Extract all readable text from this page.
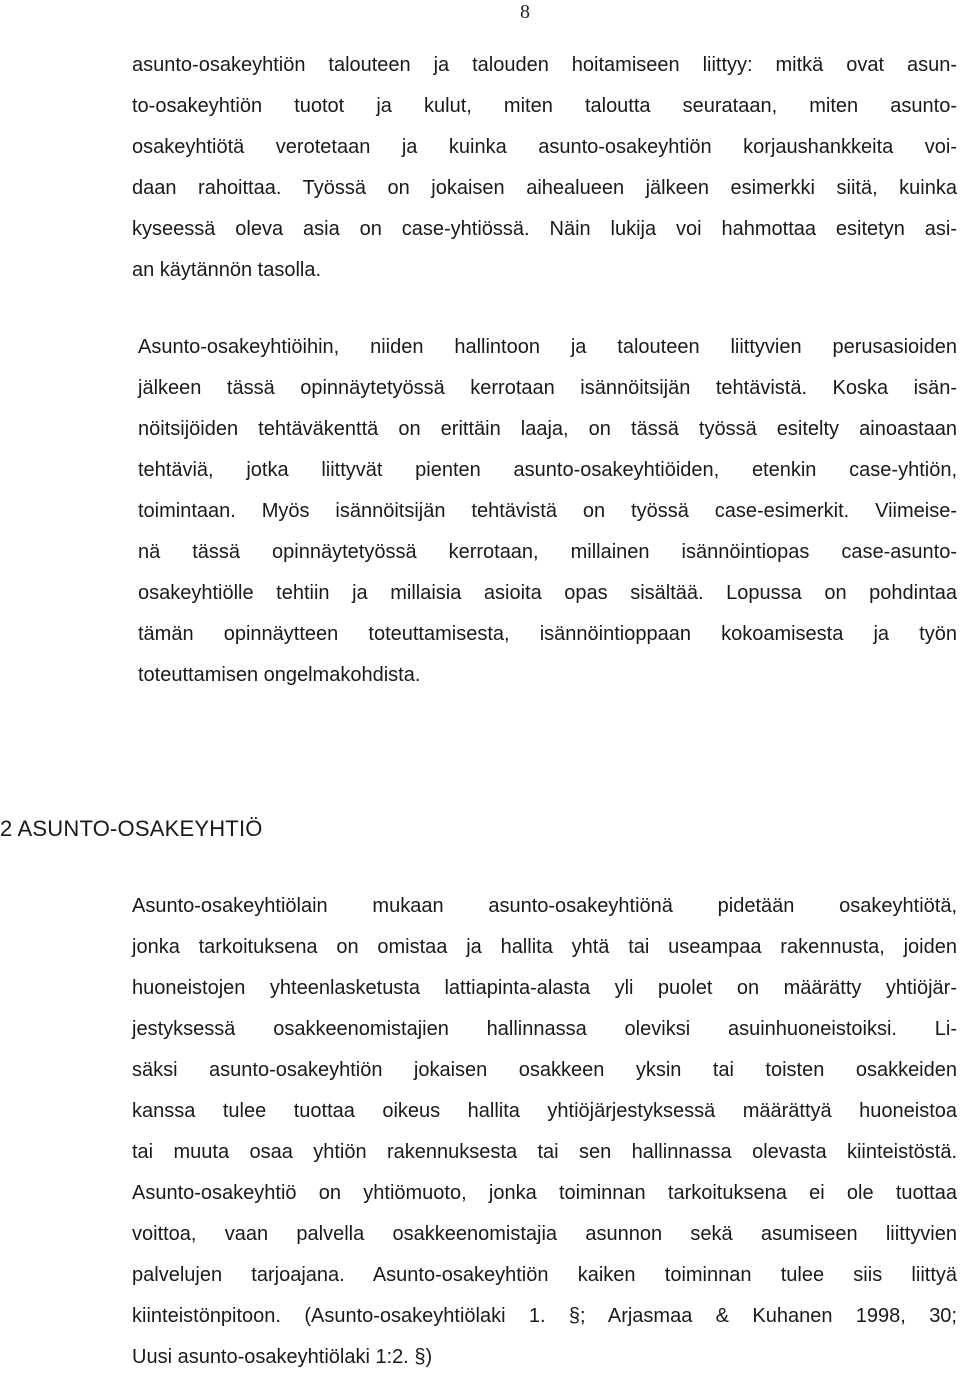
8

asunto-osakeyhtiön talouteen ja talouden hoitamiseen liittyy: mitkä ovat asun-
to-osakeyhtiön tuotot ja kulut, miten taloutta seurataan, miten asunto-
osakeyhtiötä verotetaan ja kuinka asunto-osakeyhtiön korjaushankkeita voi-
daan rahoittaa. Työssä on jokaisen aihealueen jälkeen esimerkki siitä, kuinka
kyseessä oleva asia on case-yhtiössä. Näin lukija voi hahmottaa esitetyn asi-
an käytännön tasolla.

Asunto-osakeyhtiöihin, niiden hallintoon ja talouteen liittyvien perusasioiden
jälkeen tässä opinnäytetyössä kerrotaan isännöitsijän tehtävistä. Koska isän-
nöitsijöiden tehtäväkenttä on erittäin laaja, on tässä työssä esitelty ainoastaan
tehtäviä, jotka liittyvät pienten asunto-osakeyhtiöiden, etenkin case-yhtiön,
toimintaan. Myös isännöitsijän tehtävistä on työssä case-esimerkit. Viimeise-
nä tässä opinnäytetyössä kerrotaan, millainen isännöintiopas case-asunto-
osakeyhtiölle tehtiin ja millaisia asioita opas sisältää. Lopussa on pohdintaa
tämän opinnäytteen toteuttamisesta, isännöintioppaan kokoamisesta ja työn
toteuttamisen ongelmakohdista.

2 ASUNTO-OSAKEYHTIÖ

Asunto-osakeyhtiölain mukaan asunto-osakeyhtiönä pidetään osakeyhtiötä,
jonka tarkoituksena on omistaa ja hallita yhtä tai useampaa rakennusta, joiden
huoneistojen yhteenlasketusta lattiapinta-alasta yli puolet on määrätty yhtiöjär-
jestyksessä osakkeenomistajien hallinnassa oleviksi asuinhuoneistoiksi. Li-
säksi asunto-osakeyhtiön jokaisen osakkeen yksin tai toisten osakkeiden
kanssa tulee tuottaa oikeus hallita yhtiöjärjestyksessä määrättyä huoneistoa
tai muuta osaa yhtiön rakennuksesta tai sen hallinnassa olevasta kiinteistöstä.
Asunto-osakeyhtiö on yhtiömuoto, jonka toiminnan tarkoituksena ei ole tuottaa
voittoa, vaan palvella osakkeenomistajia asunnon sekä asumiseen liittyvien
palvelujen tarjoajana. Asunto-osakeyhtiön kaiken toiminnan tulee siis liittyä
kiinteistönpitoon. (Asunto-osakeyhtiölaki 1. §; Arjasmaa & Kuhanen 1998, 30;
Uusi asunto-osakeyhtiölaki 1:2. §)
